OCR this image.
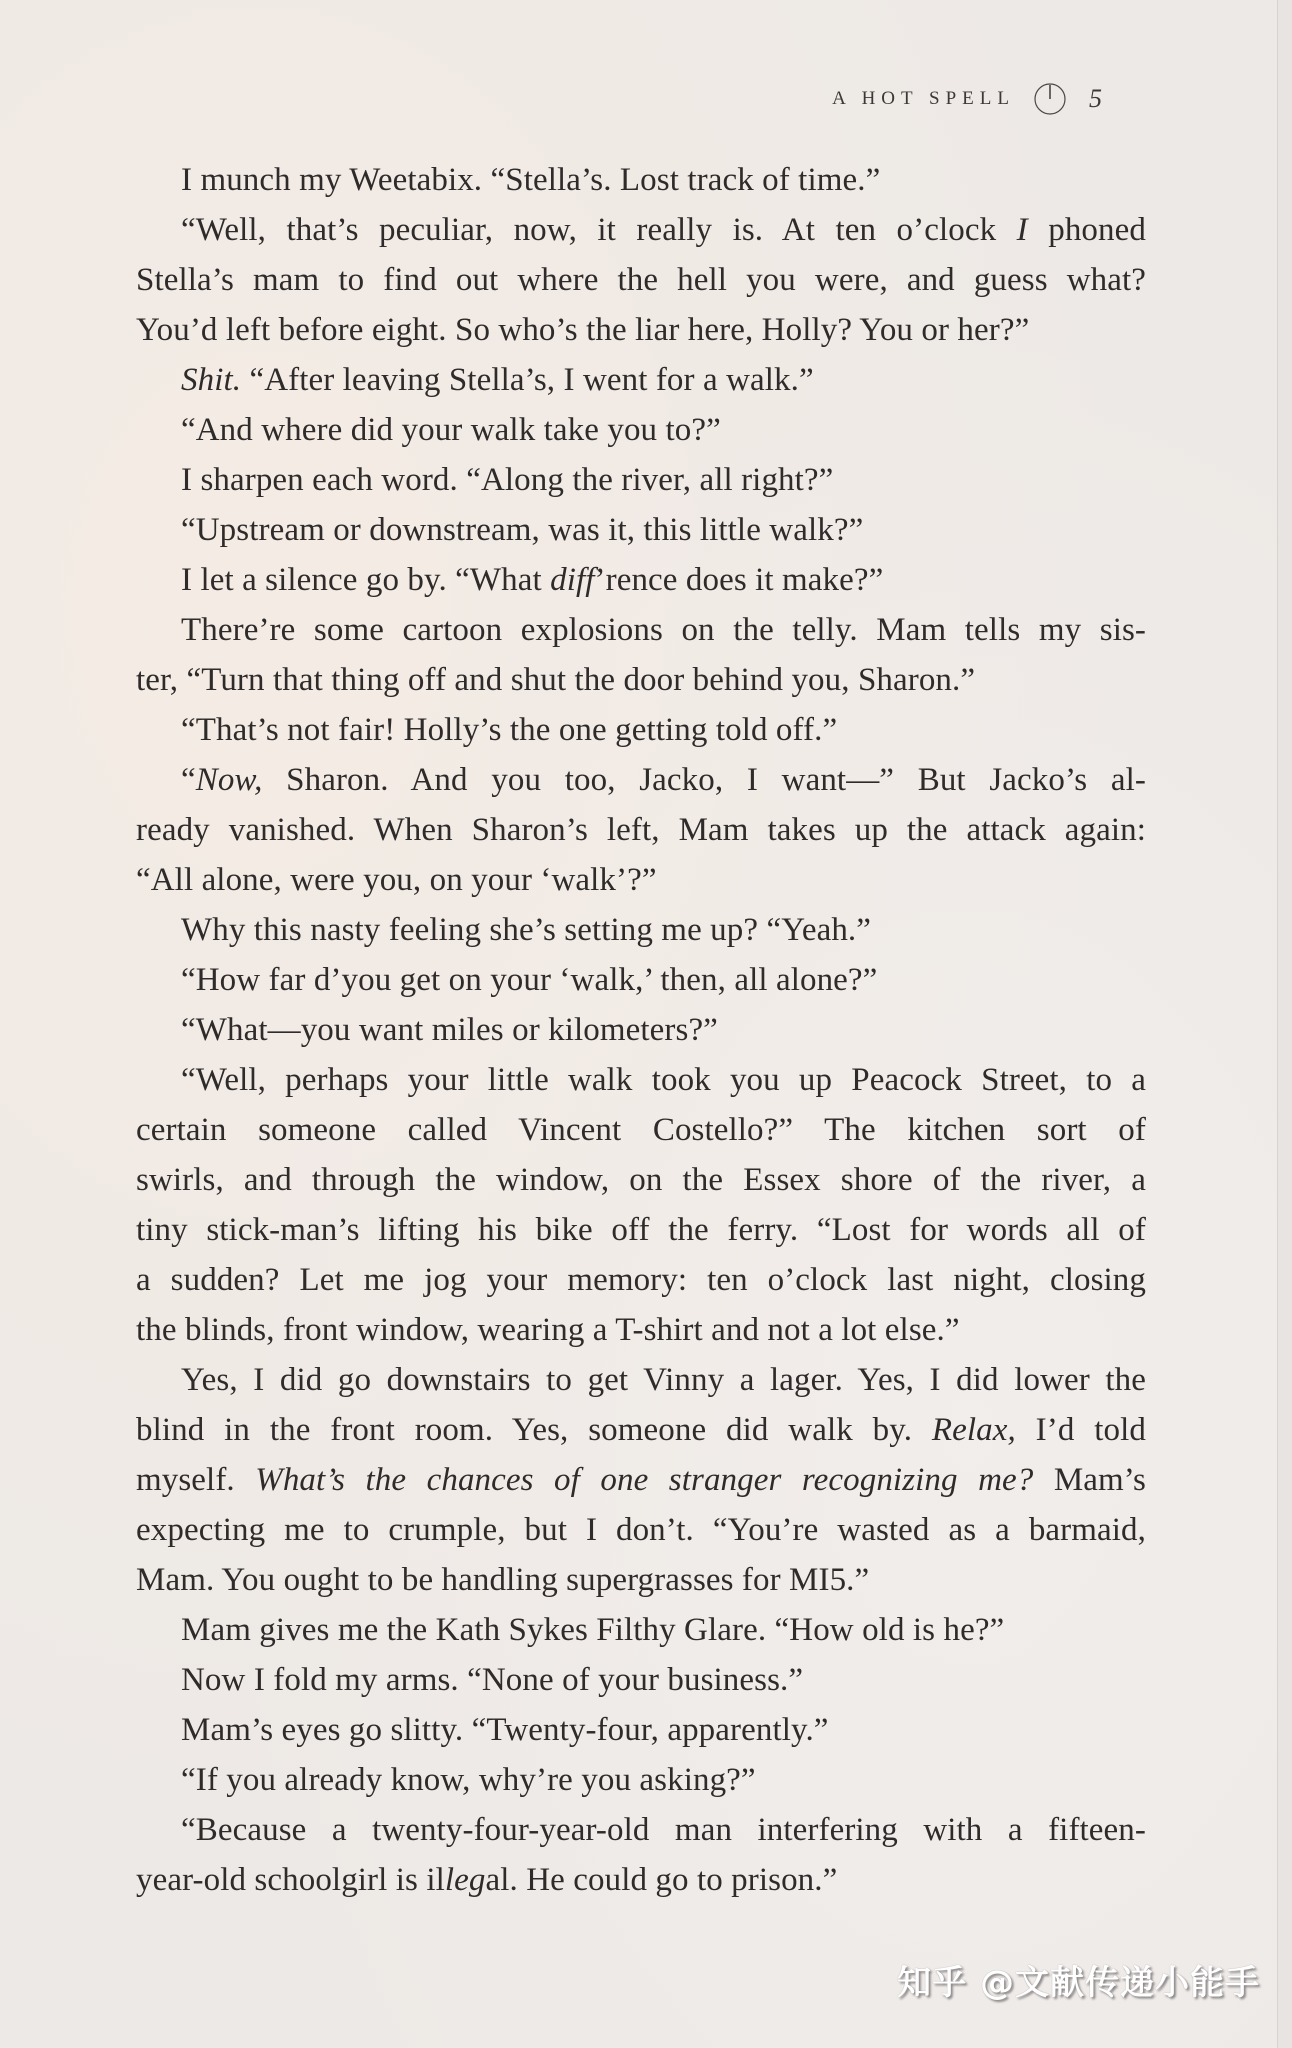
A HOT SPELL	5
I munch my Weetabix. “Stella’s. Lost track of time.”
“Well, that’s peculiar, now, it really is. At ten o’clock I phoned
Stella’s mam to find out where the hell you were, and guess what?
You’d left before eight. So who’s the liar here, Holly? You or her?”
Shit. “After leaving Stella’s, I went for a walk.”
“And where did your walk take you to?”
I sharpen each word. “Along the river, all right?”
“Upstream or downstream, was it, this little walk?”
I let a silence go by. “What diff’rence does it make?”
There’re some cartoon explosions on the telly. Mam tells my sis-
ter, “Turn that thing off and shut the door behind you, Sharon.”
“That’s not fair! Holly’s the one getting told off.”
“Now, Sharon. And you too, Jacko, I want—” But Jacko’s al-
ready vanished. When Sharon’s left, Mam takes up the attack again:
“All alone, were you, on your ‘walk’?”
Why this nasty feeling she’s setting me up? “Yeah.”
“How far d’you get on your ‘walk,’ then, all alone?”
“What—you want miles or kilometers?”
“Well, perhaps your little walk took you up Peacock Street, to a
certain someone called Vincent Costello?” The kitchen sort of
swirls, and through the window, on the Essex shore of the river, a
tiny stick-man’s lifting his bike off the ferry. “Lost for words all of
a sudden? Let me jog your memory: ten o’clock last night, closing
the blinds, front window, wearing a T-shirt and not a lot else.”
Yes, I did go downstairs to get Vinny a lager. Yes, I did lower the
blind in the front room. Yes, someone did walk by. Relax, I’d told
myself. What’s the chances of one stranger recognizing me? Mam’s
expecting me to crumple, but I don’t. “You’re wasted as a barmaid,
Mam. You ought to be handling supergrasses for MI5.”
Mam gives me the Kath Sykes Filthy Glare. “How old is he?”
Now I fold my arms. “None of your business.”
Mam’s eyes go slitty. “Twenty-four, apparently.”
“If you already know, why’re you asking?”
“Because a twenty-four-year-old man interfering with a fifteen-
year-old schoolgirl is illegal. He could go to prison.”
知乎 @文献传递小能手
